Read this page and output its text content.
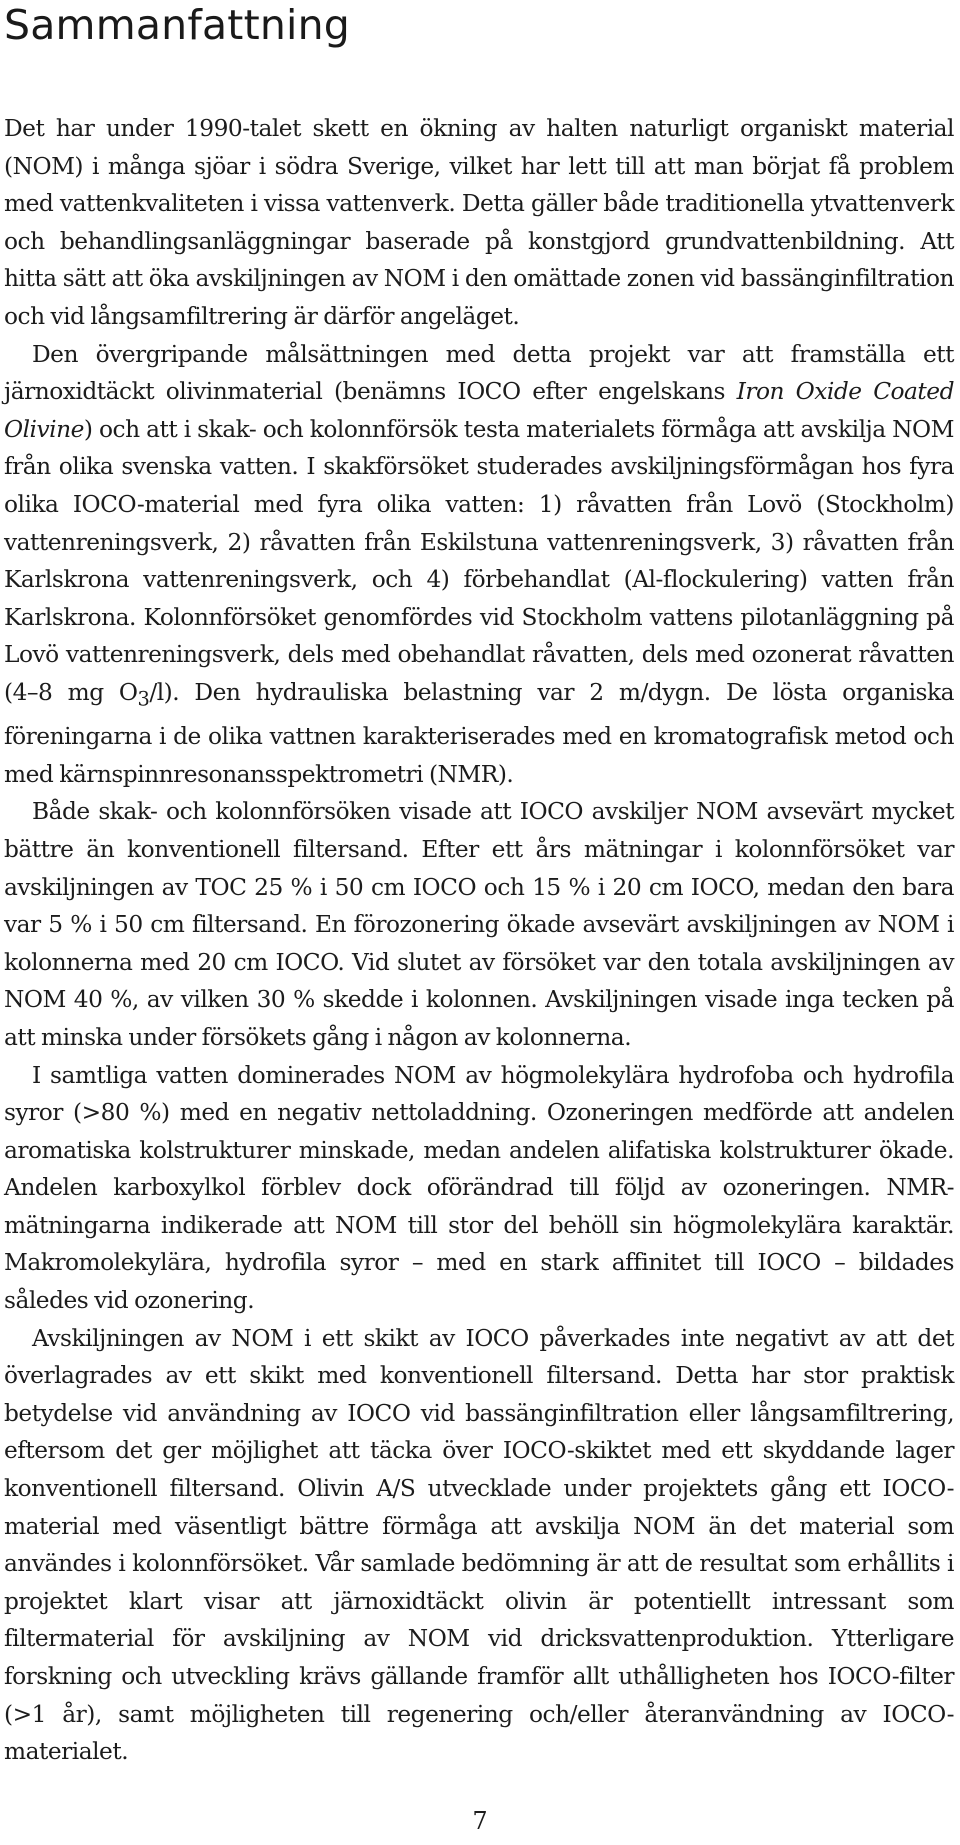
Sammanfattning

Det har under 1990-talet skett en ökning av halten naturligt organiskt material (NOM) i många sjöar i södra Sverige, vilket har lett till att man börjat få problem med vattenkvaliteten i vissa vattenverk. Detta gäller både traditionella ytvattenverk och behandlingsanläggningar baserade på konstgjord grundvattenbildning. Att hitta sätt att öka avskiljningen av NOM i den omättade zonen vid bassänginfiltration och vid långsamfiltrering är därför angeläget.

Den övergripande målsättningen med detta projekt var att framställa ett järnoxidtäckt olivinmaterial (benämns IOCO efter engelskans Iron Oxide Coated Olivine) och att i skak- och kolonnförsök testa materialets förmåga att avskilja NOM från olika svenska vatten. I skakförsöket studerades avskiljningsförmågan hos fyra olika IOCO-material med fyra olika vatten: 1) råvatten från Lovö (Stockholm) vattenreningsverk, 2) råvatten från Eskilstuna vattenreningsverk, 3) råvatten från Karlskrona vattenreningsverk, och 4) förbehandlat (Al-flockulering) vatten från Karlskrona. Kolonnförsöket genomfördes vid Stockholm vattens pilotanläggning på Lovö vattenreningsverk, dels med obehandlat råvatten, dels med ozonerat råvatten (4–8 mg $O_3/l$). Den hydrauliska belastning var 2 m/dygn. De lösta organiska föreningarna i de olika vattnen karakteriserades med en kromatografisk metod och med kärnspinnresonansspektrometri (NMR).

Både skak- och kolonnförsöken visade att IOCO avskiljer NOM avsevärt mycket bättre än konventionell filtersand. Efter ett års mätningar i kolonnförsöket var avskiljningen av TOC 25 % i 50 cm IOCO och 15 % i 20 cm IOCO, medan den bara var 5 % i 50 cm filtersand. En förozonering ökade avsevärt avskiljningen av NOM i kolonnerna med 20 cm IOCO. Vid slutet av försöket var den totala avskiljningen av NOM 40 %, av vilken 30 % skedde i kolonnen. Avskiljningen visade inga tecken på att minska under försökets gång i någon av kolonnerna.

I samtliga vatten dominerades NOM av högmolekylära hydrofoba och hydrofila syror (>80 %) med en negativ nettoladdning. Ozoneringen medförde att andelen aromatiska kolstrukturer minskade, medan andelen alifatiska kolstrukturer ökade. Andelen karboxylkol förblev dock oförändrad till följd av ozoneringen. NMR-mätningarna indikerade att NOM till stor del behöll sin högmolekylära karaktär. Makromolekylära, hydrofila syror – med en stark affinitet till IOCO – bildades således vid ozonering.

Avskiljningen av NOM i ett skikt av IOCO påverkades inte negativt av att det överlagrades av ett skikt med konventionell filtersand. Detta har stor praktisk betydelse vid användning av IOCO vid bassänginfiltration eller långsamfiltrering, eftersom det ger möjlighet att täcka över IOCO-skiktet med ett skyddande lager konventionell filtersand. Olivin A/S utvecklade under projektets gång ett IOCO-material med väsentligt bättre förmåga att avskilja NOM än det material som användes i kolonnförsöket. Vår samlade bedömning är att de resultat som erhållits i projektet klart visar att järnoxidtäckt olivin är potentiellt intressant som filtermaterial för avskiljning av NOM vid dricksvattenproduktion. Ytterligare forskning och utveckling krävs gällande framför allt uthålligheten hos IOCO-filter (>1 år), samt möjligheten till regenering och/eller återanvändning av IOCO-materialet.

7
